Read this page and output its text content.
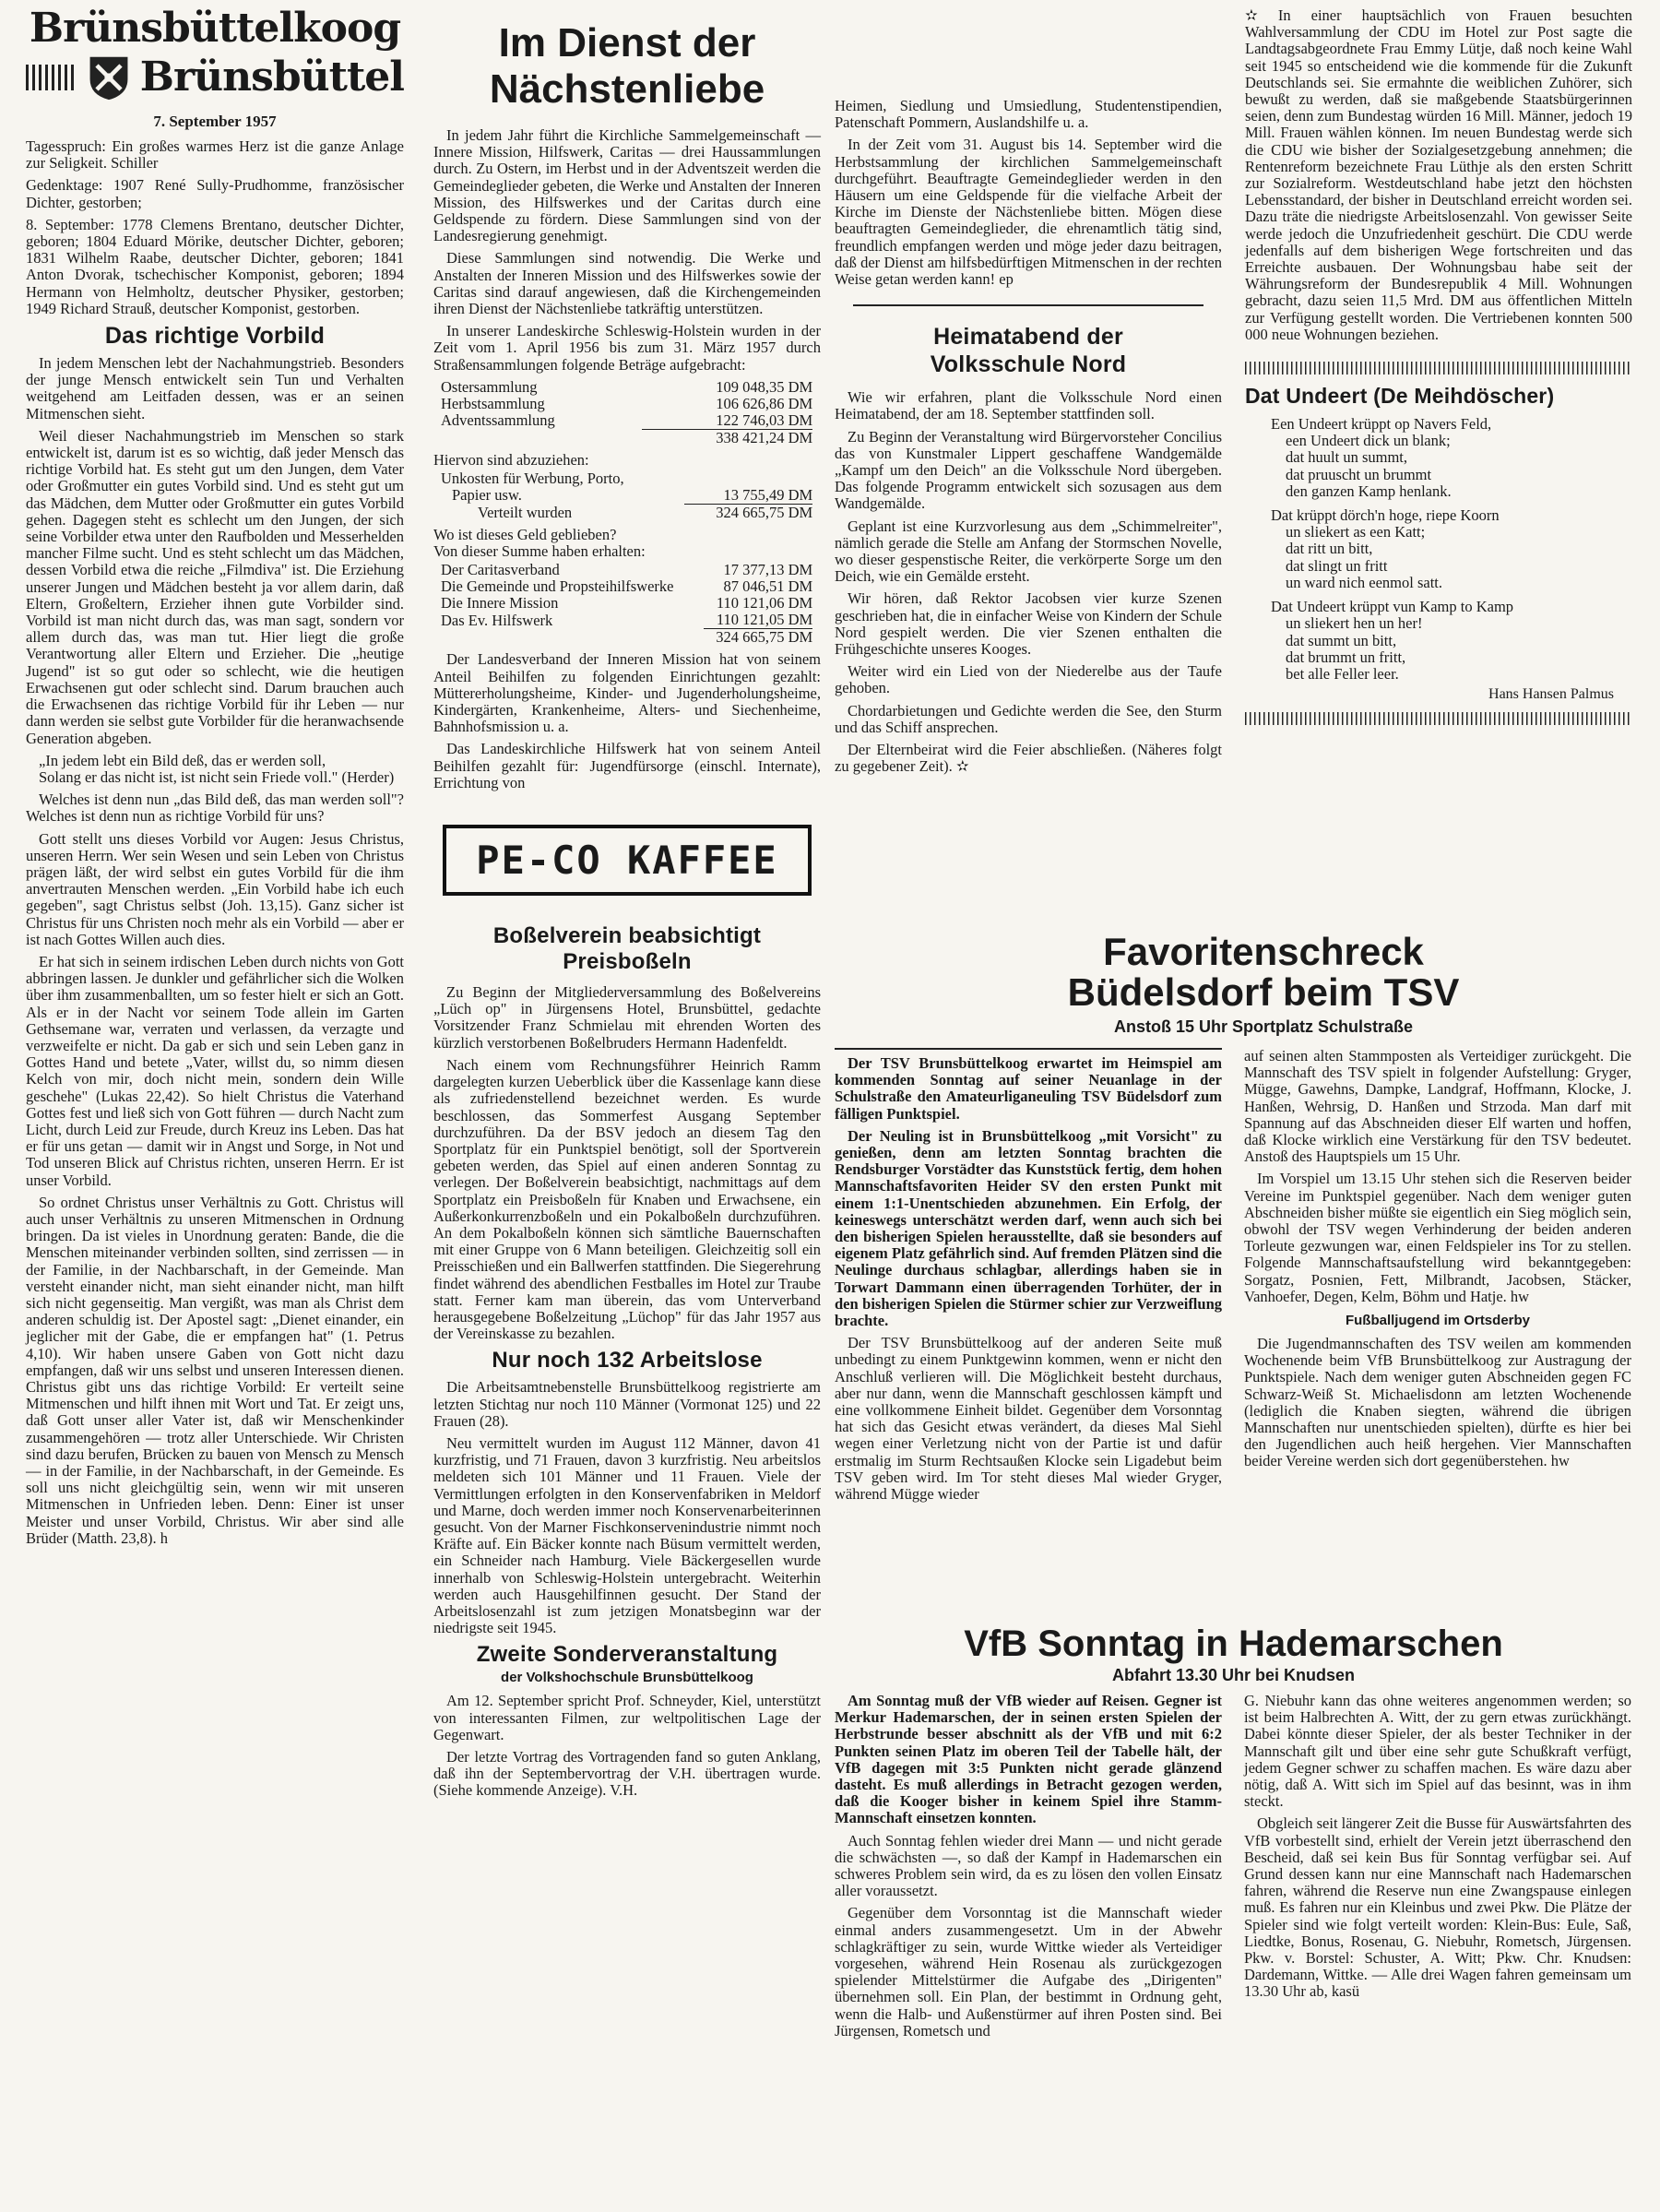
Brünsbüttelkoog
Brünsbüttel
7. September 1957

Tagesspruch: Ein großes warmes Herz ist die ganze Anlage zur Seligkeit. Schiller

Gedenktage: 1907 René Sully-Prudhomme, französischer Dichter, gestorben;

8. September: 1778 Clemens Brentano, deutscher Dichter, geboren; 1804 Eduard Mörike, deutscher Dichter, geboren; 1831 Wilhelm Raabe, deutscher Dichter, geboren; 1841 Anton Dvorak, tschechischer Komponist, geboren; 1894 Hermann von Helmholtz, deutscher Physiker, gestorben; 1949 Richard Strauß, deutscher Komponist, gestorben.

Das richtige Vorbild

In jedem Menschen lebt der Nachahmungstrieb. Besonders der junge Mensch entwickelt sein Tun und Verhalten weitgehend am Leitfaden dessen, was er an seinen Mitmenschen sieht.

Weil dieser Nachahmungstrieb im Menschen so stark entwickelt ist, darum ist es so wichtig, daß jeder Mensch das richtige Vorbild hat. Es steht gut um den Jungen, dem Vater oder Großmutter ein gutes Vorbild sind. Und es steht gut um das Mädchen, dem Mutter oder Großmutter ein gutes Vorbild gehen. Dagegen steht es schlecht um den Jungen, der sich seine Vorbilder etwa unter den Raufbolden und Messerhelden mancher Filme sucht. Und es steht schlecht um das Mädchen, dessen Vorbild etwa die reiche „Filmdiva" ist. Die Erziehung unserer Jungen und Mädchen besteht ja vor allem darin, daß Eltern, Großeltern, Erzieher ihnen gute Vorbilder sind. Vorbild ist man nicht durch das, was man sagt, sondern vor allem durch das, was man tut. Hier liegt die große Verantwortung aller Eltern und Erzieher. Die „heutige Jugend" ist so gut oder so schlecht, wie die heutigen Erwachsenen gut oder schlecht sind. Darum brauchen auch die Erwachsenen das richtige Vorbild für ihr Leben — nur dann werden sie selbst gute Vorbilder für die heranwachsende Generation abgeben.

„In jedem lebt ein Bild deß, das er werden soll,

Solang er das nicht ist, ist nicht sein Friede voll." (Herder)

Welches ist denn nun „das Bild deß, das man werden soll"? Welches ist denn nun as richtige Vorbild für uns?

Gott stellt uns dieses Vorbild vor Augen: Jesus Christus, unseren Herrn. Wer sein Wesen und sein Leben von Christus prägen läßt, der wird selbst ein gutes Vorbild für die ihm anvertrauten Menschen werden. „Ein Vorbild habe ich euch gegeben", sagt Christus selbst (Joh. 13,15). Ganz sicher ist Christus für uns Christen noch mehr als ein Vorbild — aber er ist nach Gottes Willen auch dies.

Er hat sich in seinem irdischen Leben durch nichts von Gott abbringen lassen. Je dunkler und gefährlicher sich die Wolken über ihm zusammenballten, um so fester hielt er sich an Gott. Als er in der Nacht vor seinem Tode allein im Garten Gethsemane war, verraten und verlassen, da verzagte und verzweifelte er nicht. Da gab er sich und sein Leben ganz in Gottes Hand und betete „Vater, willst du, so nimm diesen Kelch von mir, doch nicht mein, sondern dein Wille geschehe" (Lukas 22,42). So hielt Christus die Vaterhand Gottes fest und ließ sich von Gott führen — durch Nacht zum Licht, durch Leid zur Freude, durch Kreuz ins Leben. Das hat er für uns getan — damit wir in Angst und Sorge, in Not und Tod unseren Blick auf Christus richten, unseren Herrn. Er ist unser Vorbild.

So ordnet Christus unser Verhältnis zu Gott. Christus will auch unser Verhältnis zu unseren Mitmenschen in Ordnung bringen. Da ist vieles in Unordnung geraten: Bande, die die Menschen miteinander verbinden sollten, sind zerrissen — in der Familie, in der Nachbarschaft, in der Gemeinde. Man versteht einander nicht, man sieht einander nicht, man hilft sich nicht gegenseitig. Man vergißt, was man als Christ dem anderen schuldig ist. Der Apostel sagt: „Dienet einander, ein jeglicher mit der Gabe, die er empfangen hat" (1. Petrus 4,10). Wir haben unsere Gaben von Gott nicht dazu empfangen, daß wir uns selbst und unseren Interessen dienen. Christus gibt uns das richtige Vorbild: Er verteilt seine Mitmenschen und hilft ihnen mit Wort und Tat. Er zeigt uns, daß Gott unser aller Vater ist, daß wir Menschenkinder zusammengehören — trotz aller Unterschiede. Wir Christen sind dazu berufen, Brücken zu bauen von Mensch zu Mensch — in der Familie, in der Nachbarschaft, in der Gemeinde. Es soll uns nicht gleichgültig sein, wenn wir mit unseren Mitmenschen in Unfrieden leben. Denn: Einer ist unser Meister und unser Vorbild, Christus. Wir aber sind alle Brüder (Matth. 23,8). h

Im Dienst der Nächstenliebe

In jedem Jahr führt die Kirchliche Sammelgemeinschaft — Innere Mission, Hilfswerk, Caritas — drei Haussammlungen durch. Zu Ostern, im Herbst und in der Adventszeit werden die Gemeindeglieder gebeten, die Werke und Anstalten der Inneren Mission, des Hilfswerkes und der Caritas durch eine Geldspende zu fördern. Diese Sammlungen sind von der Landesregierung genehmigt.

Diese Sammlungen sind notwendig. Die Werke und Anstalten der Inneren Mission und des Hilfswerkes sowie der Caritas sind darauf angewiesen, daß die Kirchengemeinden ihren Dienst der Nächstenliebe tatkräftig unterstützen.

In unserer Landeskirche Schleswig-Holstein wurden in der Zeit vom 1. April 1956 bis zum 31. März 1957 durch Straßensammlungen folgende Beträge aufgebracht:

Ostersammlung	109 048,35 DM
Herbstsammlung	106 626,86 DM
Adventssammlung	122 746,03 DM
	338 421,24 DM

Hiervon sind abzuziehen:

Unkosten für Werbung, Porto,	
Papier usw.	13 755,49 DM
Verteilt wurden	324 665,75 DM

Wo ist dieses Geld geblieben?

Von dieser Summe haben erhalten:

Der Caritasverband	17 377,13 DM
Die Gemeinde und Propsteihilfswerke	87 046,51 DM
Die Innere Mission	110 121,06 DM
Das Ev. Hilfswerk	110 121,05 DM
	324 665,75 DM

Der Landesverband der Inneren Mission hat von seinem Anteil Beihilfen zu folgenden Einrichtungen gezahlt: Müttererholungsheime, Kinder- und Jugenderholungsheime, Kindergärten, Krankenheime, Alters- und Siechenheime, Bahnhofsmission u. a.

Das Landeskirchliche Hilfswerk hat von seinem Anteil Beihilfen gezahlt für: Jugendfürsorge (einschl. Internate), Errichtung von

PE-CO KAFFEE
Boßelverein beabsichtigt Preisboßeln

Zu Beginn der Mitgliederversammlung des Boßelvereins „Lüch op" in Jürgensens Hotel, Brunsbüttel, gedachte Vorsitzender Franz Schmielau mit ehrenden Worten des kürzlich verstorbenen Boßelbruders Hermann Hadenfeldt.

Nach einem vom Rechnungsführer Heinrich Ramm dargelegten kurzen Ueberblick über die Kassenlage kann diese als zufriedenstellend bezeichnet werden. Es wurde beschlossen, das Sommerfest Ausgang September durchzuführen. Da der BSV jedoch an diesem Tag den Sportplatz für ein Punktspiel benötigt, soll der Sportverein gebeten werden, das Spiel auf einen anderen Sonntag zu verlegen. Der Boßelverein beabsichtigt, nachmittags auf dem Sportplatz ein Preisboßeln für Knaben und Erwachsene, ein Außerkonkurrenzboßeln und ein Pokalboßeln durchzuführen. An dem Pokalboßeln können sich sämtliche Bauernschaften mit einer Gruppe von 6 Mann beteiligen. Gleichzeitig soll ein Preisschießen und ein Ballwerfen stattfinden. Die Siegerehrung findet während des abendlichen Festballes im Hotel zur Traube statt. Ferner kam man überein, das vom Unterverband herausgegebene Boßelzeitung „Lüchop" für das Jahr 1957 aus der Vereinskasse zu bezahlen.

Nur noch 132 Arbeitslose

Die Arbeitsamtnebenstelle Brunsbüttelkoog registrierte am letzten Stichtag nur noch 110 Männer (Vormonat 125) und 22 Frauen (28).

Neu vermittelt wurden im August 112 Männer, davon 41 kurzfristig, und 71 Frauen, davon 3 kurzfristig. Neu arbeitslos meldeten sich 101 Männer und 11 Frauen. Viele der Vermittlungen erfolgten in den Konservenfabriken in Meldorf und Marne, doch werden immer noch Konservenarbeiterinnen gesucht. Von der Marner Fischkonservenindustrie nimmt noch Kräfte auf. Ein Bäcker konnte nach Büsum vermittelt werden, ein Schneider nach Hamburg. Viele Bäckergesellen wurde innerhalb von Schleswig-Holstein untergebracht. Weiterhin werden auch Hausgehilfinnen gesucht. Der Stand der Arbeitslosenzahl ist zum jetzigen Monatsbeginn war der niedrigste seit 1945.

Zweite Sonderveranstaltung
der Volkshochschule Brunsbüttelkoog

Am 12. September spricht Prof. Schneyder, Kiel, unterstützt von interessanten Filmen, zur weltpolitischen Lage der Gegenwart.

Der letzte Vortrag des Vortragenden fand so guten Anklang, daß ihn der Septembervortrag der V.H. übertragen wurde. (Siehe kommende Anzeige). V.H.

Heimen, Siedlung und Umsiedlung, Studentenstipendien, Patenschaft Pommern, Auslandshilfe u. a.

In der Zeit vom 31. August bis 14. September wird die Herbstsammlung der kirchlichen Sammelgemeinschaft durchgeführt. Beauftragte Gemeindeglieder werden in den Häusern um eine Geldspende für die vielfache Arbeit der Kirche im Dienste der Nächstenliebe bitten. Mögen diese beauftragten Gemeindeglieder, die ehrenamtlich tätig sind, freundlich empfangen werden und möge jeder dazu beitragen, daß der Dienst am hilfsbedürftigen Mitmenschen in der rechten Weise getan werden kann! ep

Heimatabend der Volksschule Nord

Wie wir erfahren, plant die Volksschule Nord einen Heimatabend, der am 18. September stattfinden soll.

Zu Beginn der Veranstaltung wird Bürgervorsteher Concilius das von Kunstmaler Lippert geschaffene Wandgemälde „Kampf um den Deich" an die Volksschule Nord übergeben. Das folgende Programm entwickelt sich sozusagen aus dem Wandgemälde.

Geplant ist eine Kurzvorlesung aus dem „Schimmelreiter", nämlich gerade die Stelle am Anfang der Stormschen Novelle, wo dieser gespenstische Reiter, die verkörperte Sorge um den Deich, wie ein Gemälde ersteht.

Wir hören, daß Rektor Jacobsen vier kurze Szenen geschrieben hat, die in einfacher Weise von Kindern der Schule Nord gespielt werden. Die vier Szenen enthalten die Frühgeschichte unseres Kooges.

Weiter wird ein Lied von der Niederelbe aus der Taufe gehoben.

Chordarbietungen und Gedichte werden die See, den Sturm und das Schiff ansprechen.

Der Elternbeirat wird die Feier abschließen. (Näheres folgt zu gegebener Zeit). ✫

✫ In einer hauptsächlich von Frauen besuchten Wahlversammlung der CDU im Hotel zur Post sagte die Landtagsabgeordnete Frau Emmy Lütje, daß noch keine Wahl seit 1945 so entscheidend wie die kommende für die Zukunft Deutschlands sei. Sie ermahnte die weiblichen Zuhörer, sich bewußt zu werden, daß sie maßgebende Staatsbürgerinnen seien, denn zum Bundestag würden 16 Mill. Männer, jedoch 19 Mill. Frauen wählen können. Im neuen Bundestag werde sich die CDU wie bisher der Sozialgesetzgebung annehmen; die Rentenreform bezeichnete Frau Lüthje als den ersten Schritt zur Sozialreform. Westdeutschland habe jetzt den höchsten Lebensstandard, der bisher in Deutschland erreicht worden sei. Dazu träte die niedrigste Arbeitslosenzahl. Von gewisser Seite werde jedoch die Unzufriedenheit geschürt. Die CDU werde jedenfalls auf dem bisherigen Wege fortschreiten und das Erreichte ausbauen. Der Wohnungsbau habe seit der Währungsreform der Bundesrepublik 4 Mill. Wohnungen gebracht, dazu seien 11,5 Mrd. DM aus öffentlichen Mitteln zur Verfügung gestellt worden. Die Vertriebenen konnten 500 000 neue Wohnungen beziehen.

Dat Undeert (De Meihdöscher)

Een Undeert krüppt op Navers Feld,

een Undeert dick un blank;

dat huult un summt,

dat pruuscht un brummt

den ganzen Kamp henlank.

Dat krüppt dörch'n hoge, riepe Koorn

un sliekert as een Katt;

dat ritt un bitt,

dat slingt un fritt

un ward nich eenmol satt.

Dat Undeert krüppt vun Kamp to Kamp

un sliekert hen un her!

dat summt un bitt,

dat brummt un fritt,

bet alle Feller leer.

Hans Hansen Palmus
Favoritenschreck
Büdelsdorf beim TSV
Anstoß 15 Uhr Sportplatz Schulstraße

Der TSV Brunsbüttelkoog erwartet im Heimspiel am kommenden Sonntag auf seiner Neuanlage in der Schulstraße den Amateurliganeuling TSV Büdelsdorf zum fälligen Punktspiel.

Der Neuling ist in Brunsbüttelkoog „mit Vorsicht" zu genießen, denn am letzten Sonntag brachten die Rendsburger Vorstädter das Kunststück fertig, dem hohen Mannschaftsfavoriten Heider SV den ersten Punkt mit einem 1:1-Unentschieden abzunehmen. Ein Erfolg, der keineswegs unterschätzt werden darf, wenn auch sich bei den bisherigen Spielen herausstellte, daß sie besonders auf eigenem Platz gefährlich sind. Auf fremden Plätzen sind die Neulinge durchaus schlagbar, allerdings haben sie in Torwart Dammann einen überragenden Torhüter, der in den bisherigen Spielen die Stürmer schier zur Verzweiflung brachte.

Der TSV Brunsbüttelkoog auf der anderen Seite muß unbedingt zu einem Punktgewinn kommen, wenn er nicht den Anschluß verlieren will. Die Möglichkeit besteht durchaus, aber nur dann, wenn die Mannschaft geschlossen kämpft und eine vollkommene Einheit bildet. Gegenüber dem Vorsonntag hat sich das Gesicht etwas verändert, da dieses Mal Siehl wegen einer Verletzung nicht von der Partie ist und dafür erstmalig im Sturm Rechtsaußen Klocke sein Ligadebut beim TSV geben wird. Im Tor steht dieses Mal wieder Gryger, während Mügge wieder

auf seinen alten Stammposten als Verteidiger zurückgeht. Die Mannschaft des TSV spielt in folgender Aufstellung: Gryger, Mügge, Gawehns, Dampke, Landgraf, Hoffmann, Klocke, J. Hanßen, Wehrsig, D. Hanßen und Strzoda. Man darf mit Spannung auf das Abschneiden dieser Elf warten und hoffen, daß Klocke wirklich eine Verstärkung für den TSV bedeutet. Anstoß des Hauptspiels um 15 Uhr.

Im Vorspiel um 13.15 Uhr stehen sich die Reserven beider Vereine im Punktspiel gegenüber. Nach dem weniger guten Abschneiden bisher müßte sie eigentlich ein Sieg möglich sein, obwohl der TSV wegen Verhinderung der beiden anderen Torleute gezwungen war, einen Feldspieler ins Tor zu stellen. Folgende Mannschaftsaufstellung wird bekanntgegeben: Sorgatz, Posnien, Fett, Milbrandt, Jacobsen, Stäcker, Vanhoefer, Degen, Kelm, Böhm und Hatje. hw

Fußballjugend im Ortsderby

Die Jugendmannschaften des TSV weilen am kommenden Wochenende beim VfB Brunsbüttelkoog zur Austragung der Punktspiele. Nach dem weniger guten Abschneiden gegen FC Schwarz-Weiß St. Michaelisdonn am letzten Wochenende (lediglich die Knaben siegten, während die übrigen Mannschaften nur unentschieden spielten), dürfte es hier bei den Jugendlichen auch heiß hergehen. Vier Mannschaften beider Vereine werden sich dort gegenüberstehen. hw

VfB Sonntag in Hademarschen
Abfahrt 13.30 Uhr bei Knudsen

Am Sonntag muß der VfB wieder auf Reisen. Gegner ist Merkur Hademarschen, der in seinen ersten Spielen der Herbstrunde besser abschnitt als der VfB und mit 6:2 Punkten seinen Platz im oberen Teil der Tabelle hält, der VfB dagegen mit 3:5 Punkten nicht gerade glänzend dasteht. Es muß allerdings in Betracht gezogen werden, daß die Kooger bisher in keinem Spiel ihre Stamm-Mannschaft einsetzen konnten.

Auch Sonntag fehlen wieder drei Mann — und nicht gerade die schwächsten —, so daß der Kampf in Hademarschen ein schweres Problem sein wird, da es zu lösen den vollen Einsatz aller voraussetzt.

Gegenüber dem Vorsonntag ist die Mannschaft wieder einmal anders zusammengesetzt. Um in der Abwehr schlagkräftiger zu sein, wurde Wittke wieder als Verteidiger vorgesehen, während Hein Rosenau als zurückgezogen spielender Mittelstürmer die Aufgabe des „Dirigenten" übernehmen soll. Ein Plan, der bestimmt in Ordnung geht, wenn die Halb- und Außenstürmer auf ihren Posten sind. Bei Jürgensen, Rometsch und

G. Niebuhr kann das ohne weiteres angenommen werden; so ist beim Halbrechten A. Witt, der zu gern etwas zurückhängt. Dabei könnte dieser Spieler, der als bester Techniker in der Mannschaft gilt und über eine sehr gute Schußkraft verfügt, jedem Gegner schwer zu schaffen machen. Es wäre dazu aber nötig, daß A. Witt sich im Spiel auf das besinnt, was in ihm steckt.

Obgleich seit längerer Zeit die Busse für Auswärtsfahrten des VfB vorbestellt sind, erhielt der Verein jetzt überraschend den Bescheid, daß sei kein Bus für Sonntag verfügbar sei. Auf Grund dessen kann nur eine Mannschaft nach Hademarschen fahren, während die Reserve nun eine Zwangspause einlegen muß. Es fahren nur ein Kleinbus und zwei Pkw. Die Plätze der Spieler sind wie folgt verteilt worden: Klein-Bus: Eule, Saß, Liedtke, Bonus, Rosenau, G. Niebuhr, Rometsch, Jürgensen. Pkw. v. Borstel: Schuster, A. Witt; Pkw. Chr. Knudsen: Dardemann, Wittke. — Alle drei Wagen fahren gemeinsam um 13.30 Uhr ab, kasü
